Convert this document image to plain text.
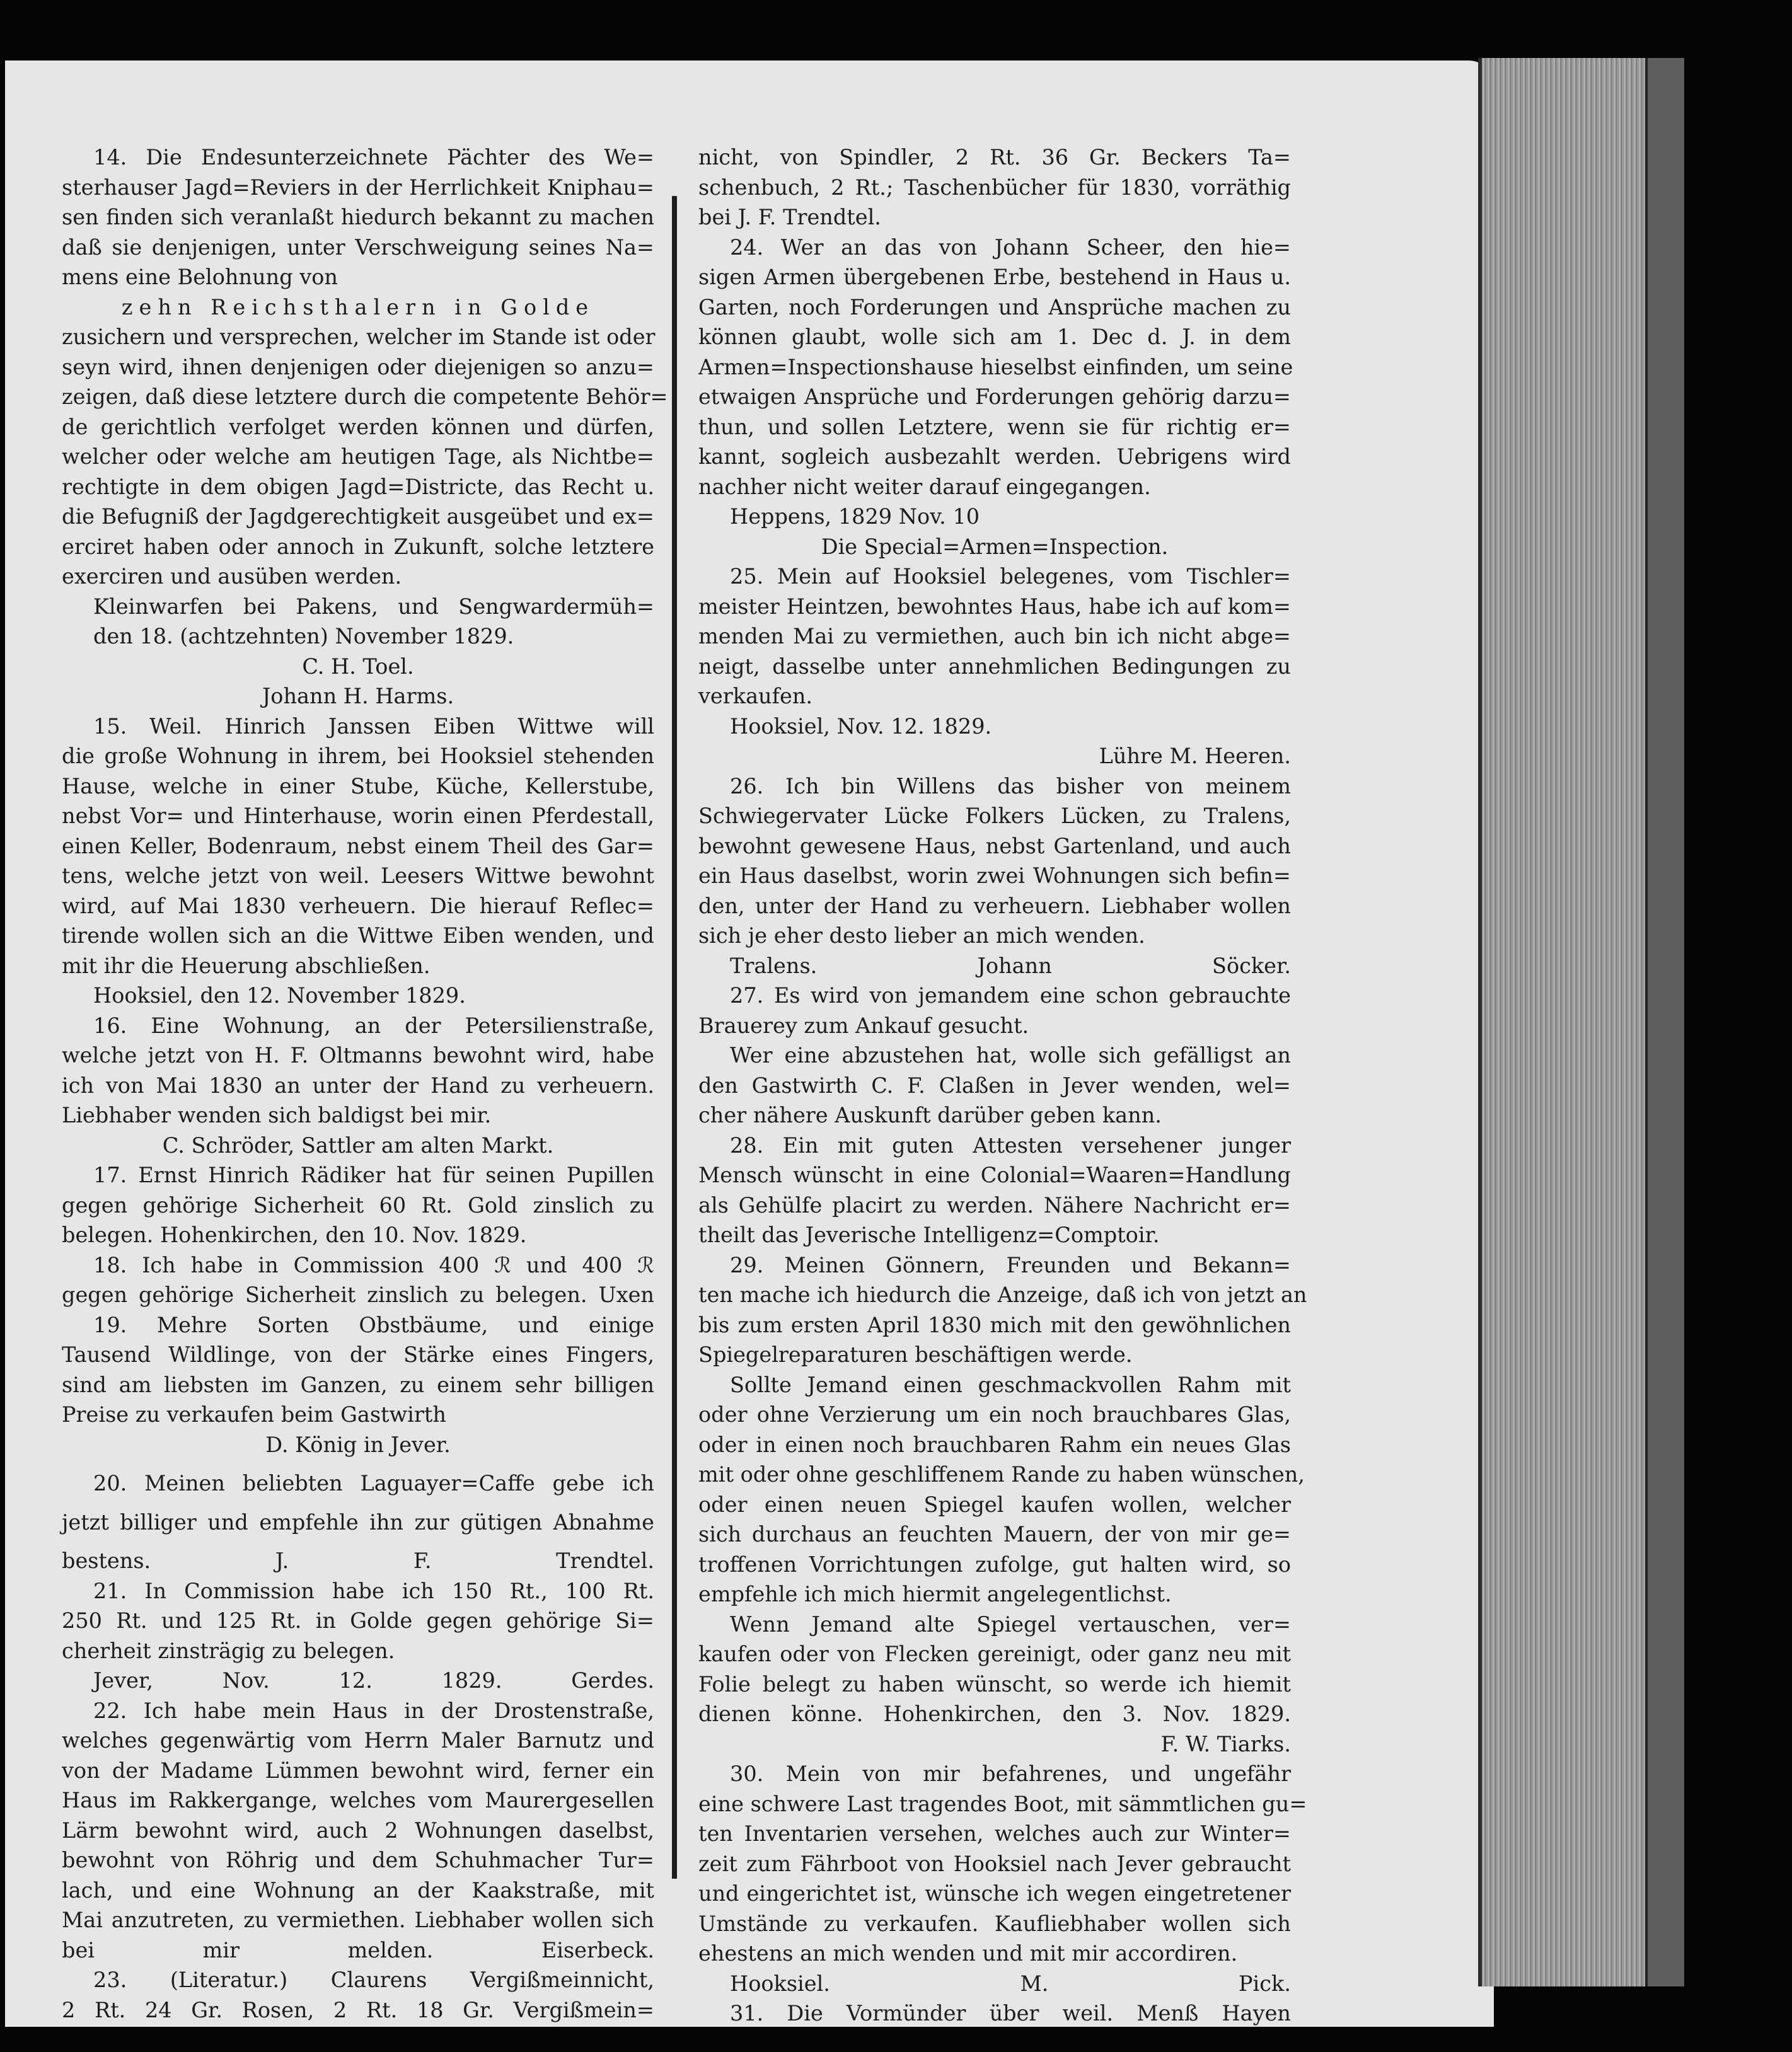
14. Die Endesunterzeichnete Pächter des We=
sterhauser Jagd=Reviers in der Herrlichkeit Kniphau=
sen finden sich veranlaßt hiedurch bekannt zu machen
daß sie denjenigen, unter Verschweigung seines Na=
mens eine Belohnung von
zehn Reichsthalern in Golde
zusichern und versprechen, welcher im Stande ist oder
seyn wird, ihnen denjenigen oder diejenigen so anzu=
zeigen, daß diese letztere durch die competente Behör=
de gerichtlich verfolget werden können und dürfen,
welcher oder welche am heutigen Tage, als Nichtbe=
rechtigte in dem obigen Jagd=Districte, das Recht u.
die Befugniß der Jagdgerechtigkeit ausgeübet und ex=
erciret haben oder annoch in Zukunft, solche letztere
exerciren und ausüben werden.
Kleinwarfen bei Pakens, und Sengwardermüh=
den 18. (achtzehnten) November 1829.
C. H. Toel.
Johann H. Harms.
15. Weil. Hinrich Janssen Eiben Wittwe will
die große Wohnung in ihrem, bei Hooksiel stehenden
Hause, welche in einer Stube, Küche, Kellerstube,
nebst Vor= und Hinterhause, worin einen Pferdestall,
einen Keller, Bodenraum, nebst einem Theil des Gar=
tens, welche jetzt von weil. Leesers Wittwe bewohnt
wird, auf Mai 1830 verheuern. Die hierauf Reflec=
tirende wollen sich an die Wittwe Eiben wenden, und
mit ihr die Heuerung abschließen.
Hooksiel, den 12. November 1829.
16. Eine Wohnung, an der Petersilienstraße,
welche jetzt von H. F. Oltmanns bewohnt wird, habe
ich von Mai 1830 an unter der Hand zu verheuern.
Liebhaber wenden sich baldigst bei mir.
C. Schröder, Sattler am alten Markt.
17. Ernst Hinrich Rädiker hat für seinen Pupillen
gegen gehörige Sicherheit 60 Rt. Gold zinslich zu
belegen. Hohenkirchen, den 10. Nov. 1829.
18. Ich habe in Commission 400 ℛ und 400 ℛ
gegen gehörige Sicherheit zinslich zu belegen. Uxen
19. Mehre Sorten Obstbäume, und einige
Tausend Wildlinge, von der Stärke eines Fingers,
sind am liebsten im Ganzen, zu einem sehr billigen
Preise zu verkaufen beim Gastwirth
D. König in Jever.
20. Meinen beliebten Laguayer=Caffe gebe ich
jetzt billiger und empfehle ihn zur gütigen Abnahme
bestens. J. F. Trendtel.
21. In Commission habe ich 150 Rt., 100 Rt.
250 Rt. und 125 Rt. in Golde gegen gehörige Si=
cherheit zinsträgig zu belegen.
Jever, Nov. 12. 1829. Gerdes.
22. Ich habe mein Haus in der Drostenstraße,
welches gegenwärtig vom Herrn Maler Barnutz und
von der Madame Lümmen bewohnt wird, ferner ein
Haus im Rakkergange, welches vom Maurergesellen
Lärm bewohnt wird, auch 2 Wohnungen daselbst,
bewohnt von Röhrig und dem Schuhmacher Tur=
lach, und eine Wohnung an der Kaakstraße, mit
Mai anzutreten, zu vermiethen. Liebhaber wollen sich
bei mir melden. Eiserbeck.
23. (Literatur.) Claurens Vergißmeinnicht,
2 Rt. 24 Gr. Rosen, 2 Rt. 18 Gr. Vergißmein=
nicht, von Spindler, 2 Rt. 36 Gr. Beckers Ta=
schenbuch, 2 Rt.; Taschenbücher für 1830, vorräthig
bei J. F. Trendtel.
24. Wer an das von Johann Scheer, den hie=
sigen Armen übergebenen Erbe, bestehend in Haus u.
Garten, noch Forderungen und Ansprüche machen zu
können glaubt, wolle sich am 1. Dec d. J. in dem
Armen=Inspectionshause hieselbst einfinden, um seine
etwaigen Ansprüche und Forderungen gehörig darzu=
thun, und sollen Letztere, wenn sie für richtig er=
kannt, sogleich ausbezahlt werden. Uebrigens wird
nachher nicht weiter darauf eingegangen.
Heppens, 1829 Nov. 10
Die Special=Armen=Inspection.
25. Mein auf Hooksiel belegenes, vom Tischler=
meister Heintzen, bewohntes Haus, habe ich auf kom=
menden Mai zu vermiethen, auch bin ich nicht abge=
neigt, dasselbe unter annehmlichen Bedingungen zu
verkaufen.
Hooksiel, Nov. 12. 1829.
Lühre M. Heeren.
26. Ich bin Willens das bisher von meinem
Schwiegervater Lücke Folkers Lücken, zu Tralens,
bewohnt gewesene Haus, nebst Gartenland, und auch
ein Haus daselbst, worin zwei Wohnungen sich befin=
den, unter der Hand zu verheuern. Liebhaber wollen
sich je eher desto lieber an mich wenden.
Tralens. Johann Söcker.
27. Es wird von jemandem eine schon gebrauchte
Brauerey zum Ankauf gesucht.
Wer eine abzustehen hat, wolle sich gefälligst an
den Gastwirth C. F. Claßen in Jever wenden, wel=
cher nähere Auskunft darüber geben kann.
28. Ein mit guten Attesten versehener junger
Mensch wünscht in eine Colonial=Waaren=Handlung
als Gehülfe placirt zu werden. Nähere Nachricht er=
theilt das Jeverische Intelligenz=Comptoir.
29. Meinen Gönnern, Freunden und Bekann=
ten mache ich hiedurch die Anzeige, daß ich von jetzt an
bis zum ersten April 1830 mich mit den gewöhnlichen
Spiegelreparaturen beschäftigen werde.
Sollte Jemand einen geschmackvollen Rahm mit
oder ohne Verzierung um ein noch brauchbares Glas,
oder in einen noch brauchbaren Rahm ein neues Glas
mit oder ohne geschliffenem Rande zu haben wünschen,
oder einen neuen Spiegel kaufen wollen, welcher
sich durchaus an feuchten Mauern, der von mir ge=
troffenen Vorrichtungen zufolge, gut halten wird, so
empfehle ich mich hiermit angelegentlichst.
Wenn Jemand alte Spiegel vertauschen, ver=
kaufen oder von Flecken gereinigt, oder ganz neu mit
Folie belegt zu haben wünscht, so werde ich hiemit
dienen könne. Hohenkirchen, den 3. Nov. 1829.
F. W. Tiarks.
30. Mein von mir befahrenes, und ungefähr
eine schwere Last tragendes Boot, mit sämmtlichen gu=
ten Inventarien versehen, welches auch zur Winter=
zeit zum Fährboot von Hooksiel nach Jever gebraucht
und eingerichtet ist, wünsche ich wegen eingetretener
Umstände zu verkaufen. Kaufliebhaber wollen sich
ehestens an mich wenden und mit mir accordiren.
Hooksiel. M. Pick.
31. Die Vormünder über weil. Menß Hayen
